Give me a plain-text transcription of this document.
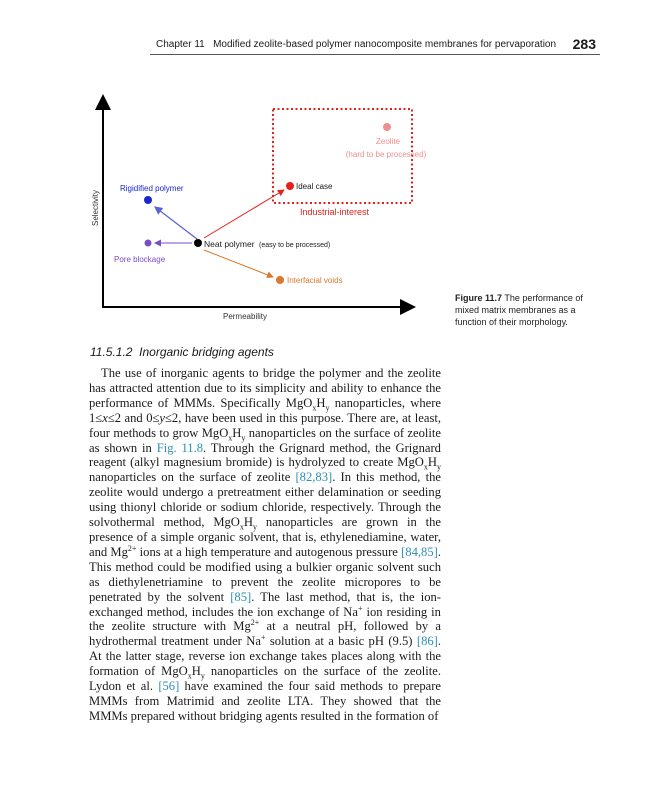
Chapter 11 Modified zeolite-based polymer nanocomposite membranes for pervaporation 283
Selectivity
Permeability
Zeolite
(hard to be processed)
Ideal case
Industrial-interest
Rigidified polymer
Neat polymer (easy to be processed)
Pore blockage
Interfacial voids
Figure 11.7 The performance of mixed matrix membranes as a function of their morphology.
11.5.1.2 Inorganic bridging agents

The use of inorganic agents to bridge the polymer and the zeolite has attracted attention due to its simplicity and ability to enhance the performance of MMMs. Specifically $MgO_xH_y$ nanoparticles, where 1≤x≤2 and 0≤y≤2, have been used in this purpose. There are, at least, four methods to grow $MgO_xH_y$ nanoparticles on the surface of zeolite as shown in Fig. 11.8. Through the Grignard method, the Grignard reagent (alkyl magnesium bromide) is hydrolyzed to create $MgO_xH_y$ nanoparticles on the surface of zeolite [82,83]. In this method, the zeolite would undergo a pretreatment either delamination or seeding using thionyl chloride or sodium chloride, respectively. Through the solvothermal method, $MgO_xH_y$ nanoparticles are grown in the presence of a simple organic solvent, that is, ethylenediamine, water, and $Mg^{2+}$ ions at a high temperature and autogenous pressure [84,85]. This method could be modified using a bulkier organic solvent such as diethylenetriamine to prevent the zeolite micropores to be penetrated by the solvent [85]. The last method, that is, the ion-exchanged method, includes the ion exchange of Na+ ion residing in the zeolite structure with $Mg^{2+}$ at a neutral pH, followed by a hydrothermal treatment under Na+ solution at a basic pH (9.5) [86]. At the latter stage, reverse ion exchange takes places along with the formation of $MgO_xH_y$ nanoparticles on the surface of the zeolite. Lydon et al. [56] have examined the four said methods to prepare MMMs from Matrimid and zeolite LTA. They showed that the MMMs prepared without bridging agents resulted in the formation of
